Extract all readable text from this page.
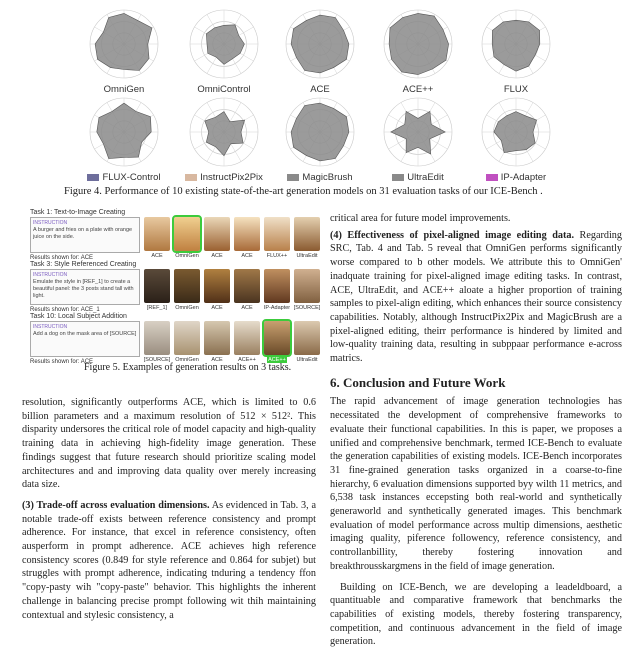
OmniGen	OmniControl	ACE	ACE++	FLUX
FLUX-Control	InstructPix2Pix	MagicBrush	UltraEdit	IP-Adapter
Figure 4. Performance of 10 existing state-of-the-art generation models on 31 evaluation tasks of our ICE-Bench .
Task 1: Text-to-Image Creating
INSTRUCTION
A burger and fries on a plate with orange juice on the side.
ACE	OmniGen	ACE	ACE	FLUX++	UltraEdit
Results shown for: ACE
Task 3: Style Referenced Creating
INSTRUCTION
Emulate the style in [REF_1] to create a beautiful panel: the 3 posts stand tall with light.
[REF_1]	OmniGen	ACE	ACE	IP-Adapter [SOURCE]
Results shown for: ACE_1
Task 10: Local Subject Addition
INSTRUCTION
Add a dog on the mask area of [SOURCE]
[SOURCE] OmniGen	ACE	ACE++	ACE++	UltraEdit
Results shown for: ACE
Figure 5. Examples of generation results on 3 tasks.

resolution, significantly outperforms ACE, which is limited to 0.6 billion parameters and a maximum resolution of 512 × 512². This disparity undersores the critical role of model capacity and high-quality training data in achieving high-fidelity image generation. These findings suggest that future research should prioritize scaling model architectures and and improving data quality over merely increasing data size.

(3) Trade-off across evaluation dimensions. As evidenced in Tab. 3, a notable trade-off exists between reference consistency and prompt adherence. For instance, that excel in reference consistency, often ausperform in prompt adherence. ACE achieves high reference consistency scores (0.849 for style reference and 0.864 for subjet) but struggles with prompt adherence, indicating tnduring a tendency ffon "copy-pasty wih "copy-paste" behavior. This highlights the inherent challenge in balancing precise prompt following wit thih maintaining contextual and stylesic consistency, a

critical area for future model improvements.

(4) Effectiveness of pixel-aligned image editing data. Regarding SRC, Tab. 4 and Tab. 5 reveal that OmniGen performs significantly worse compared to b other models. We attribute this to OmniGen' inadquate training for pixel-aligned image editing tasks. In contrast, ACE, UltraEdit, and ACE++ aloate a higher proportion of training samples to pixel-align editing, which enhances their source consistency capabilities. Notably, although InstructPix2Pix and MagicBrush are a pixel-aligned editing, theirr performance is hindered by limited and low-quality training data, resulting in subppaar performance e-across matrics.

6. Conclusion and Future Work

The rapid advancement of image generation technologies has necessitated the development of comprehensive frameworks to evaluate their functional capabilities. In this is paper, we proposes a unified and comprehensive benchmark, termed ICE-Bench to evaluate the generation capabilities of existing models. ICE-Bench incorporates 31 fine-grained generation tasks organized in a coarse-to-fine hierarchy, 6 evaluation dimensions supported byy wilth 11 metrics, and 6,538 task instances eccepsting both real-world and synthetically generaworld and synthetically generated images. This benchmark evaluation of model performance across multip dimensions, aesthetic imaging quality, piference followency, reference consistency, and controllanbillity, thereby fostering innovation and breakthrousskargmens in the field of image generation.

Building on ICE-Bench, we are developing a leadeldboard, a quantituable and comparative framework that benchmarks the capabilities of existing models, thereby fostering transparency, competition, and continuous advancement in the field of image generation.
